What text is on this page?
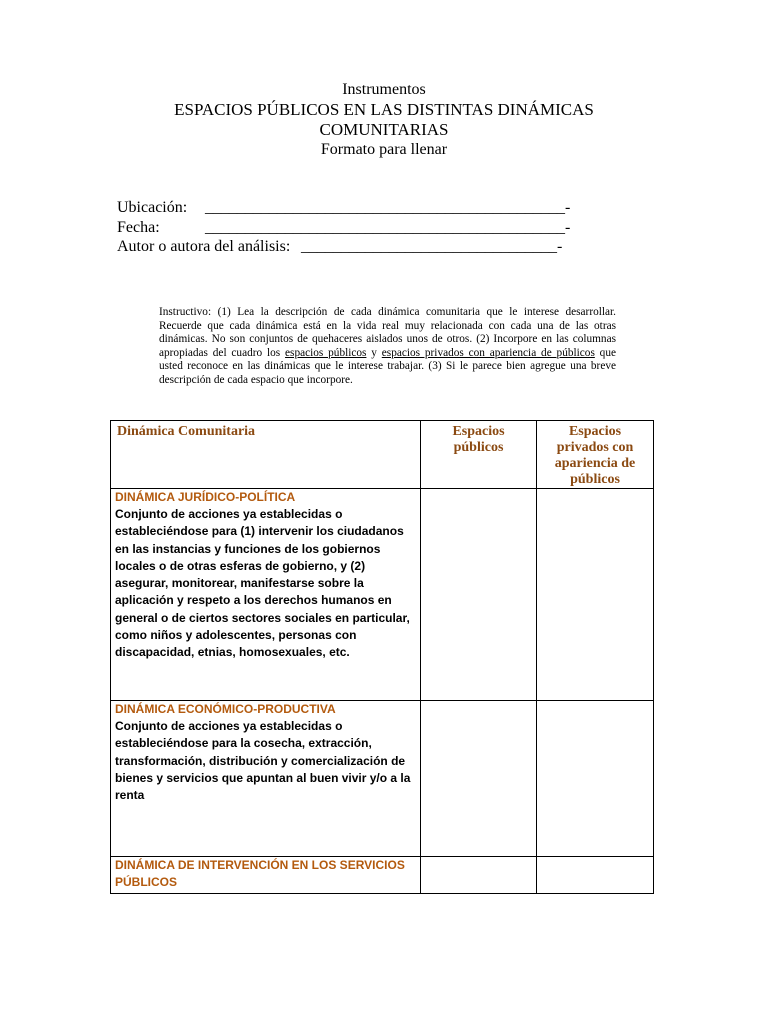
Instrumentos
ESPACIOS PÚBLICOS EN LAS DISTINTAS DINÁMICAS
COMUNITARIAS
Formato para llenar
Ubicación: _____________________________________________-
Fecha:	_____________________________________________-
Autor o autora del análisis: ________________________________-
Instructivo: (1) Lea la descripción de cada dinámica comunitaria que le interese desarrollar. Recuerde que cada dinámica está en la vida real muy relacionada con cada una de las otras dinámicas. No son conjuntos de quehaceres aislados unos de otros. (2) Incorpore en las columnas apropiadas del cuadro los espacios públicos y espacios privados con apariencia de públicos que usted reconoce en las dinámicas que le interese trabajar. (3) Si le parece bien agregue una breve descripción de cada espacio que incorpore.
Dinámica Comunitaria	Espacios públicos	Espacios privados con apariencia de públicos

DINÁMICA JURÍDICO-POLÍTICA
Conjunto de acciones ya establecidas o estableciéndose para (1) intervenir los ciudadanos en las instancias y funciones de los gobiernos locales o de otras esferas de gobierno, y (2) asegurar, monitorear, manifestarse sobre la aplicación y respeto a los derechos humanos en general o de ciertos sectores sociales en particular, como niños y adolescentes, personas con discapacidad, etnias, homosexuales, etc.		

DINÁMICA ECONÓMICO-PRODUCTIVA
Conjunto de acciones ya establecidas o estableciéndose para la cosecha, extracción, transformación, distribución y comercialización de bienes y servicios que apuntan al buen vivir y/o a la renta		

DINÁMICA DE INTERVENCIÓN EN LOS SERVICIOS PÚBLICOS		
